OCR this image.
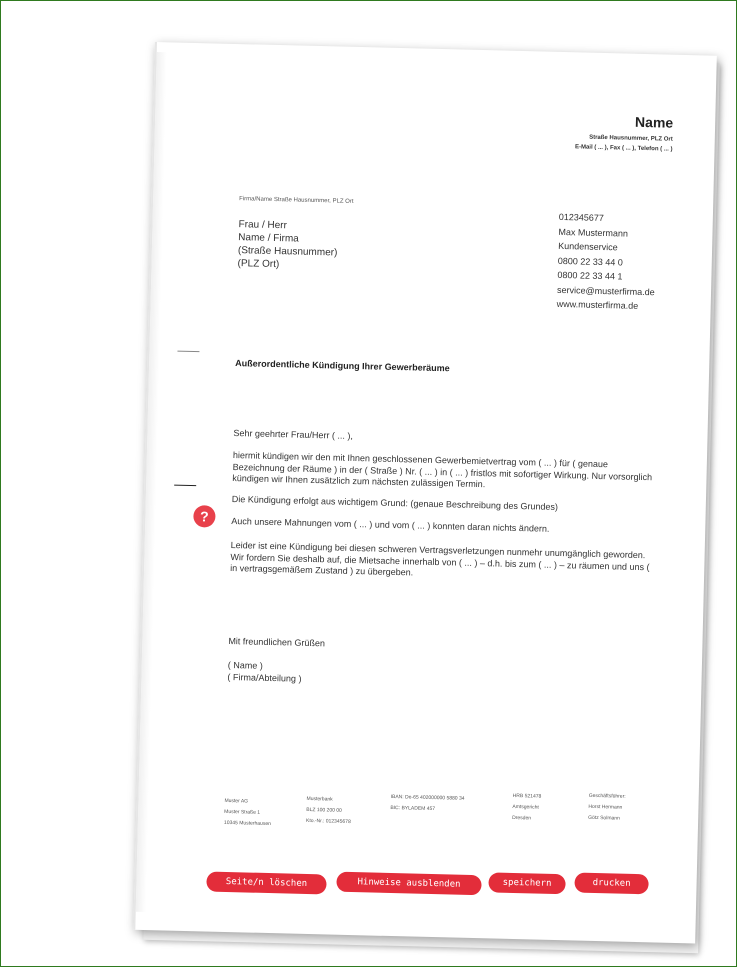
Name
Straße Hausnummer, PLZ Ort
E-Mail ( ... ), Fax ( ... ), Telefon ( ... )
Firma/Name Straße Hausnummer, PLZ Ort
Frau / Herr
Name / Firma
(Straße Hausnummer)
(PLZ Ort)
012345677
Max Mustermann
Kundenservice
0800 22 33 44 0
0800 22 33 44 1
service@musterfirma.de
www.musterfirma.de
Außerordentliche Kündigung Ihrer Gewerberäume
Sehr geehrter Frau/Herr ( ... ),
hiermit kündigen wir den mit Ihnen geschlossenen Gewerbemietvertrag vom ( ... ) für ( genaue Bezeichnung der Räume ) in der ( Straße ) Nr. ( ... ) in ( ... ) fristlos mit sofortiger Wirkung. Nur vorsorglich kündigen wir Ihnen zusätzlich zum nächsten zulässigen Termin.
Die Kündigung erfolgt aus wichtigem Grund: (genaue Beschreibung des Grundes)
Auch unsere Mahnungen vom ( ... ) und vom ( ... ) konnten daran nichts ändern.
Leider ist eine Kündigung bei diesen schweren Vertragsverletzungen nunmehr unumgänglich geworden. Wir fordern Sie deshalb auf, die Mietsache innerhalb von ( ... ) – d.h. bis zum ( ... ) – zu räumen und uns ( in vertragsgemäßem Zustand ) zu übergeben.
?
Mit freundlichen Grüßen
( Name )
( Firma/Abteilung )
Muster AG
Muster Straße 1
10345 Musterhausen
Musterbank
BLZ 100 200 00
Kto.-Nr.: 012345678
IBAN: De-65 402000000 5880 34
BIC: BYLADEM 457
HRB 521478
Amtsgericht
Dresden
Geschäftsführer:
Horst Hermann
Götz Solmann
Seite/n löschen	Hinweise ausblenden	speichern	drucken
